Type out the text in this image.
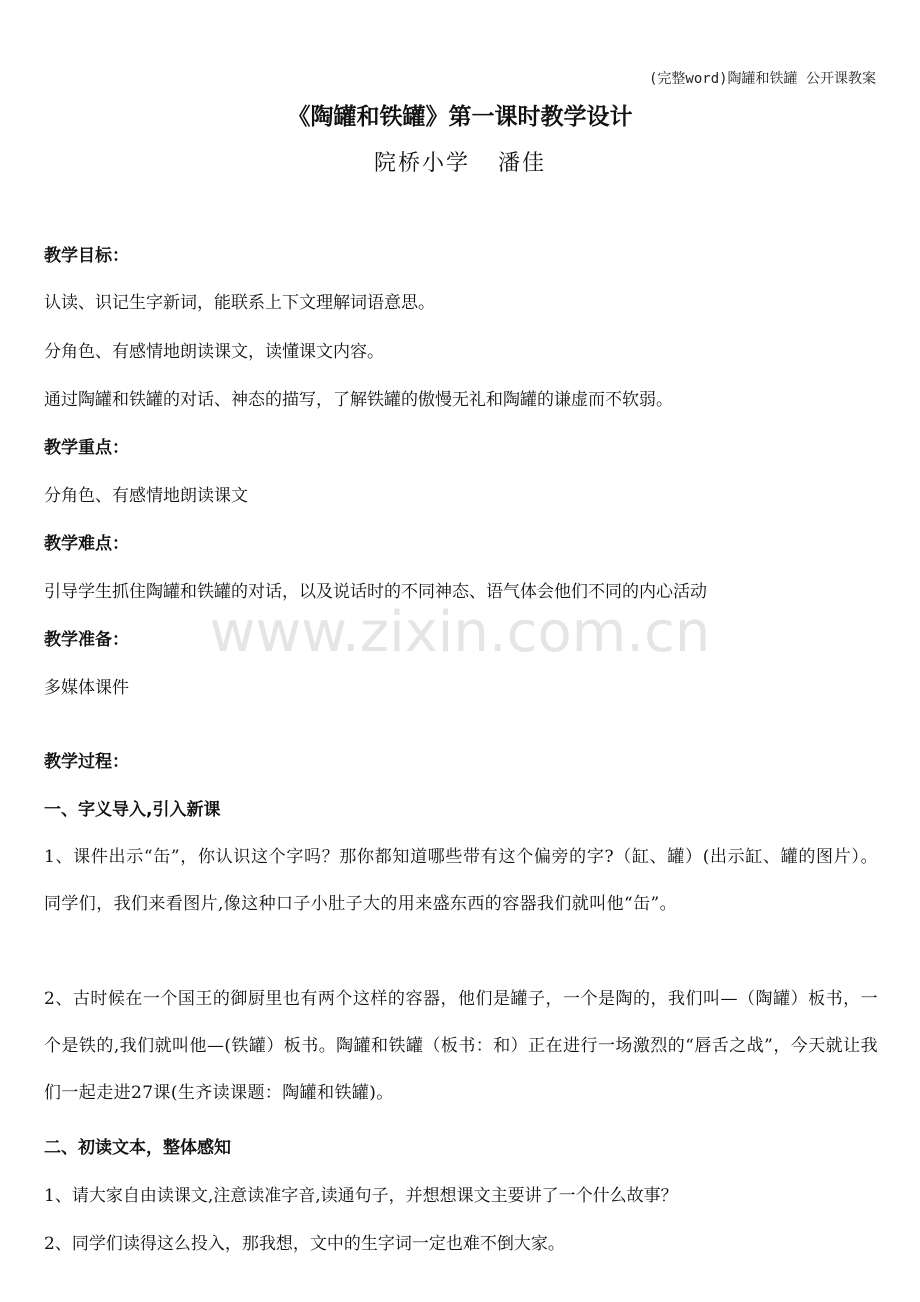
www.zixin.com.cn
(完整word)陶罐和铁罐 公开课教案
《陶罐和铁罐》第一课时教学设计
院桥小学 潘佳
教学目标：
认读、识记生字新词，能联系上下文理解词语意思。
分角色、有感情地朗读课文，读懂课文内容。
通过陶罐和铁罐的对话、神态的描写，了解铁罐的傲慢无礼和陶罐的谦虚而不软弱。
教学重点：
分角色、有感情地朗读课文
教学难点：
引导学生抓住陶罐和铁罐的对话，以及说话时的不同神态、语气体会他们不同的内心活动
教学准备：
多媒体课件
教学过程：
一、字义导入,引入新课
1、课件出示“缶”，你认识这个字吗？那你都知道哪些带有这个偏旁的字?（缸、罐）(出示缸、罐的图片）。同学们，我们来看图片,像这种口子小肚子大的用来盛东西的容器我们就叫他“缶”。
2、古时候在一个国王的御厨里也有两个这样的容器，他们是罐子，一个是陶的，我们叫—（陶罐）板书，一个是铁的,我们就叫他—(铁罐）板书。陶罐和铁罐（板书：和）正在进行一场激烈的“唇舌之战”，今天就让我们一起走进27课(生齐读课题：陶罐和铁罐)。
二、初读文本，整体感知
1、请大家自由读课文,注意读准字音,读通句子，并想想课文主要讲了一个什么故事？
2、同学们读得这么投入，那我想，文中的生字词一定也难不倒大家。
